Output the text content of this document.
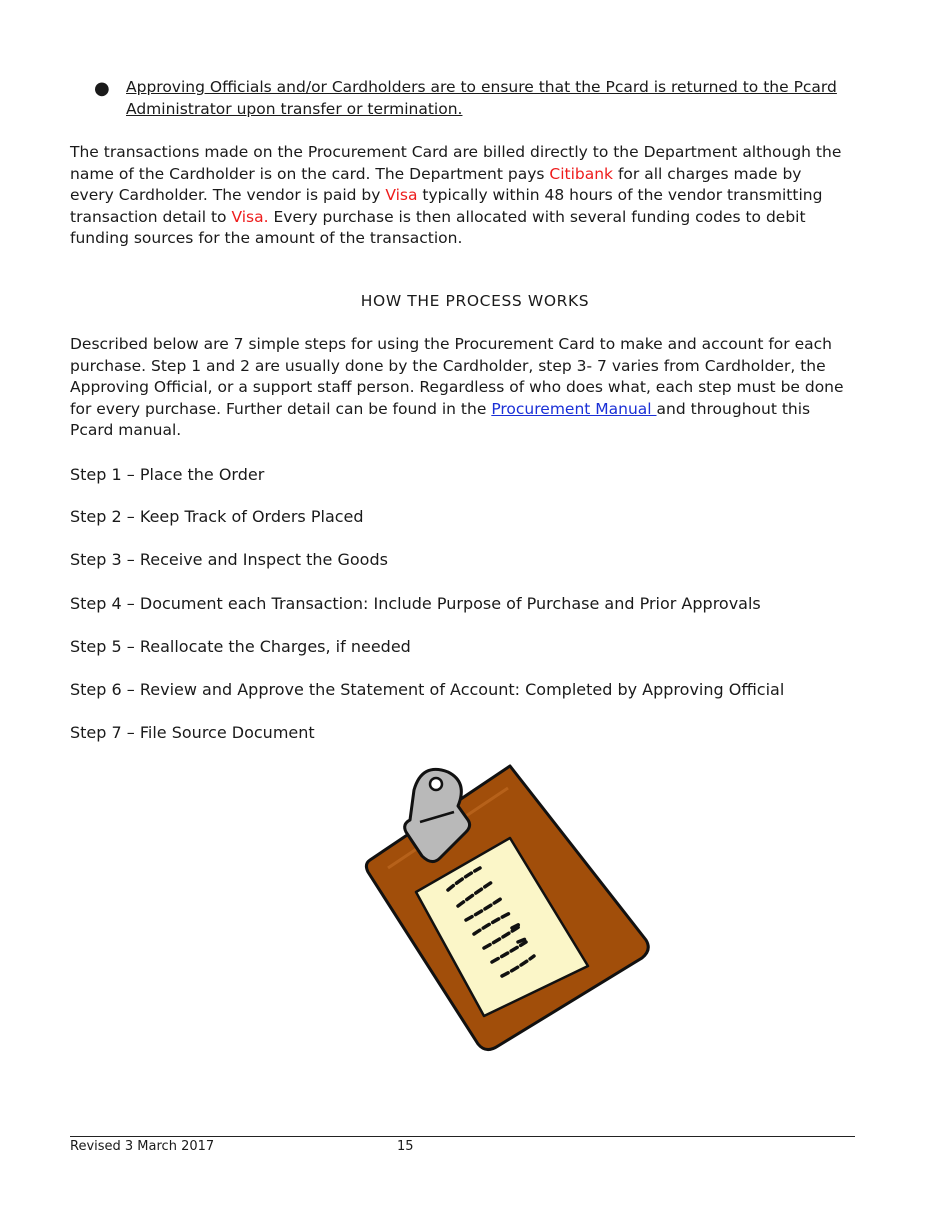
● Approving Officials and/or Cardholders are to ensure that the Pcard is returned to the Pcard Administrator upon transfer or termination.
The transactions made on the Procurement Card are billed directly to the Department although the name of the Cardholder is on the card. The Department pays Citibank for all charges made by every Cardholder. The vendor is paid by Visa typically within 48 hours of the vendor transmitting transaction detail to Visa. Every purchase is then allocated with several funding codes to debit funding sources for the amount of the transaction.
HOW THE PROCESS WORKS
Described below are 7 simple steps for using the Procurement Card to make and account for each purchase. Step 1 and 2 are usually done by the Cardholder, step 3- 7 varies from Cardholder, the Approving Official, or a support staff person. Regardless of who does what, each step must be done for every purchase. Further detail can be found in the Procurement Manual and throughout this Pcard manual.
Step 1 – Place the Order
Step 2 – Keep Track of Orders Placed
Step 3 – Receive and Inspect the Goods
Step 4 – Document each Transaction: Include Purpose of Purchase and Prior Approvals
Step 5 – Reallocate the Charges, if needed
Step 6 – Review and Approve the Statement of Account: Completed by Approving Official
Step 7 – File Source Document
Revised 3 March 2017	15
